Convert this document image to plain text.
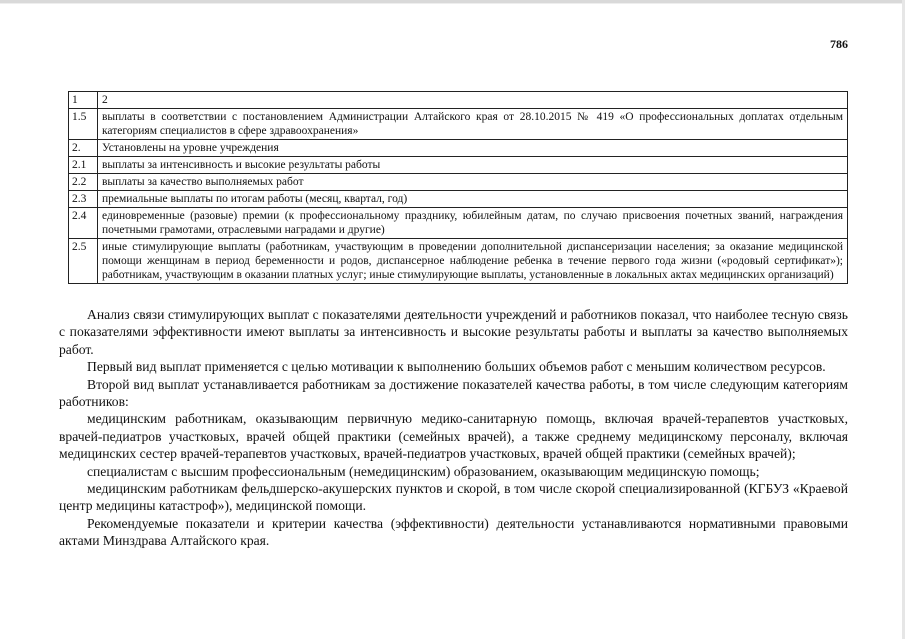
786
1	2
1.5	выплаты в соответствии с постановлением Администрации Алтайского края от 28.10.2015 № 419 «О профессиональных доплатах отдельным категориям специалистов в сфере здравоохранения»
2.	Установлены на уровне учреждения
2.1	выплаты за интенсивность и высокие результаты работы
2.2	выплаты за качество выполняемых работ
2.3	премиальные выплаты по итогам работы (месяц, квартал, год)
2.4	единовременные (разовые) премии (к профессиональному празднику, юбилейным датам, по случаю присвоения почетных званий, награждения почетными грамотами, отраслевыми наградами и другие)
2.5	иные стимулирующие выплаты (работникам, участвующим в проведении дополнительной диспансеризации населения; за оказание медицинской помощи женщинам в период беременности и родов, диспансерное наблюдение ребенка в течение первого года жизни («родовый сертификат»); работникам, участвующим в оказании платных услуг; иные стимулирующие выплаты, установленные в локальных актах медицинских организаций)

Анализ связи стимулирующих выплат с показателями деятельности учреждений и работников показал, что наиболее тесную связь с показателями эффективности имеют выплаты за интенсивность и высокие результаты работы и выплаты за качество выполняемых работ.

Первый вид выплат применяется с целью мотивации к выполнению больших объемов работ с меньшим количеством ресурсов.

Второй вид выплат устанавливается работникам за достижение показателей качества работы, в том числе следующим категориям работников:

медицинским работникам, оказывающим первичную медико-санитарную помощь, включая врачей-терапевтов участковых, врачей-педиатров участковых, врачей общей практики (семейных врачей), а также среднему медицинскому персоналу, включая медицинских сестер врачей-терапевтов участковых, врачей-педиатров участковых, врачей общей практики (семейных врачей);

специалистам с высшим профессиональным (немедицинским) образованием, оказывающим медицинскую помощь;

медицинским работникам фельдшерско-акушерских пунктов и скорой, в том числе скорой специализированной (КГБУЗ «Краевой центр медицины катастроф»), медицинской помощи.

Рекомендуемые показатели и критерии качества (эффективности) деятельности устанавливаются нормативными правовыми актами Минздрава Алтайского края.
